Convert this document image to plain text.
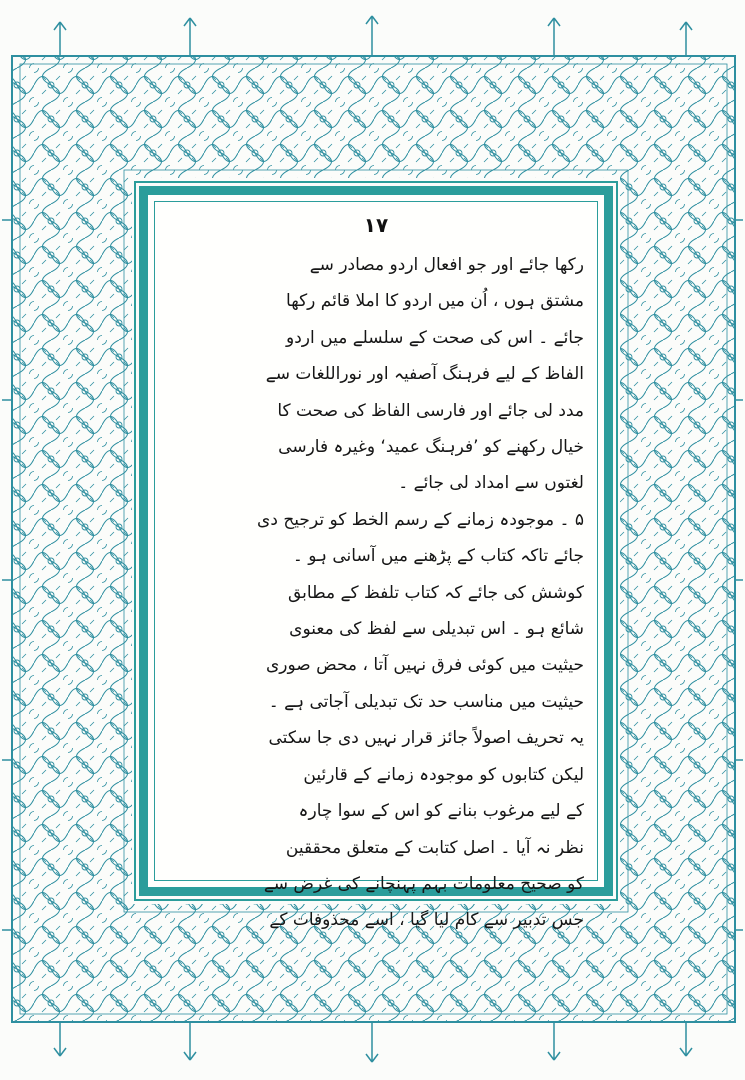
۱۷
رکھا جائے اور جو افعال اردو مصادر سے
مشتق ہوں ، اُن میں اردو کا املا قائم رکھا
جائے ۔ اس کی صحت کے سلسلے میں اردو
الفاظ کے لیے فرہنگ آصفیہ اور نوراللغات سے
مدد لی جائے اور فارسی الفاظ کی صحت کا
خیال رکھنے کو ’فرہنگ عمید‘ وغیرہ فارسی
لغتوں سے امداد لی جائے ۔
۵ ۔ موجودہ زمانے کے رسم الخط کو ترجیح دی
جائے تاکہ کتاب کے پڑھنے میں آسانی ہو ۔
کوشش کی جائے کہ کتاب تلفظ کے مطابق
شائع ہو ۔ اس تبدیلی سے لفظ کی معنوی
حیثیت میں کوئی فرق نہیں آتا ، محض صوری
حیثیت میں مناسب حد تک تبدیلی آجاتی ہے ۔
یہ تحریف اصولاً جائز قرار نہیں دی جا سکتی
لیکن کتابوں کو موجودہ زمانے کے قارئین
کے لیے مرغوب بنانے کو اس کے سوا چارہ
نظر نہ آیا ۔ اصل کتابت کے متعلق محققین
کو صحیح معلومات بہم پہنچانے کی غرض سے
جس تدبیر سے کام لیا گیا ، اسے محذوفات کے
